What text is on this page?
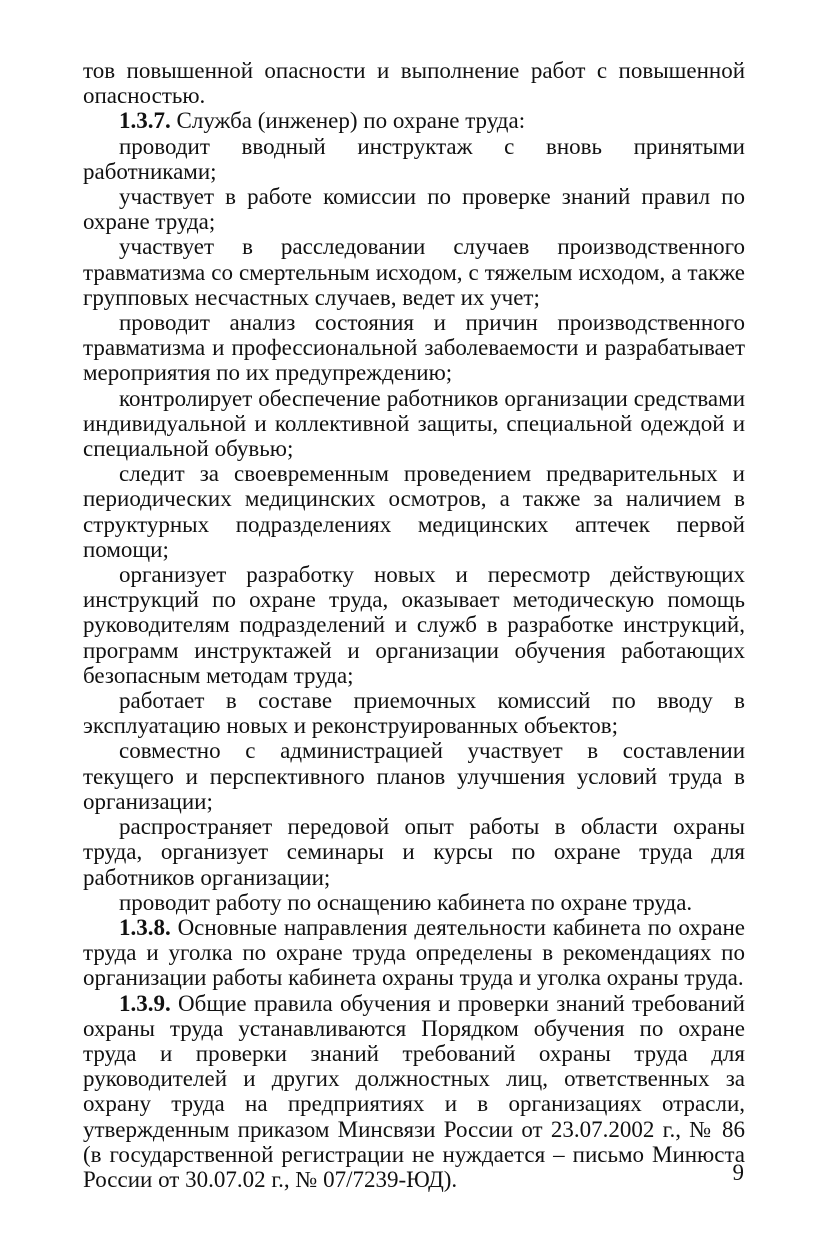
тов повышенной опасности и выполнение работ с повышенной опасностью.

1.3.7. Служба (инженер) по охране труда:

проводит вводный инструктаж с вновь принятыми работниками;

участвует в работе комиссии по проверке знаний правил по охране труда;

участвует в расследовании случаев производственного травматизма со смертельным исходом, с тяжелым исходом, а также групповых несчастных случаев, ведет их учет;

проводит анализ состояния и причин производственного травматизма и профессиональной заболеваемости и разрабатывает мероприятия по их предупреждению;

контролирует обеспечение работников организации средствами индивидуальной и коллективной защиты, специальной одеждой и специальной обувью;

следит за своевременным проведением предварительных и периодических медицинских осмотров, а также за наличием в структурных подразделениях медицинских аптечек первой помощи;

организует разработку новых и пересмотр действующих инструкций по охране труда, оказывает методическую помощь руководителям подразделений и служб в разработке инструкций, программ инструктажей и организации обучения работающих безопасным методам труда;

работает в составе приемочных комиссий по вводу в эксплуатацию новых и реконструированных объектов;

совместно с администрацией участвует в составлении текущего и перспективного планов улучшения условий труда в организации;

распространяет передовой опыт работы в области охраны труда, организует семинары и курсы по охране труда для работников организации;

проводит работу по оснащению кабинета по охране труда.

1.3.8. Основные направления деятельности кабинета по охране труда и уголка по охране труда определены в рекомендациях по организации работы кабинета охраны труда и уголка охраны труда.

1.3.9. Общие правила обучения и проверки знаний требований охраны труда устанавливаются Порядком обучения по охране труда и проверки знаний требований охраны труда для руководителей и других должностных лиц, ответственных за охрану труда на предприятиях и в организациях отрасли, утвержденным приказом Минсвязи России от 23.07.2002 г., № 86 (в государственной регистрации не нуждается – письмо Минюста России от 30.07.02 г., № 07/7239-ЮД).	9
